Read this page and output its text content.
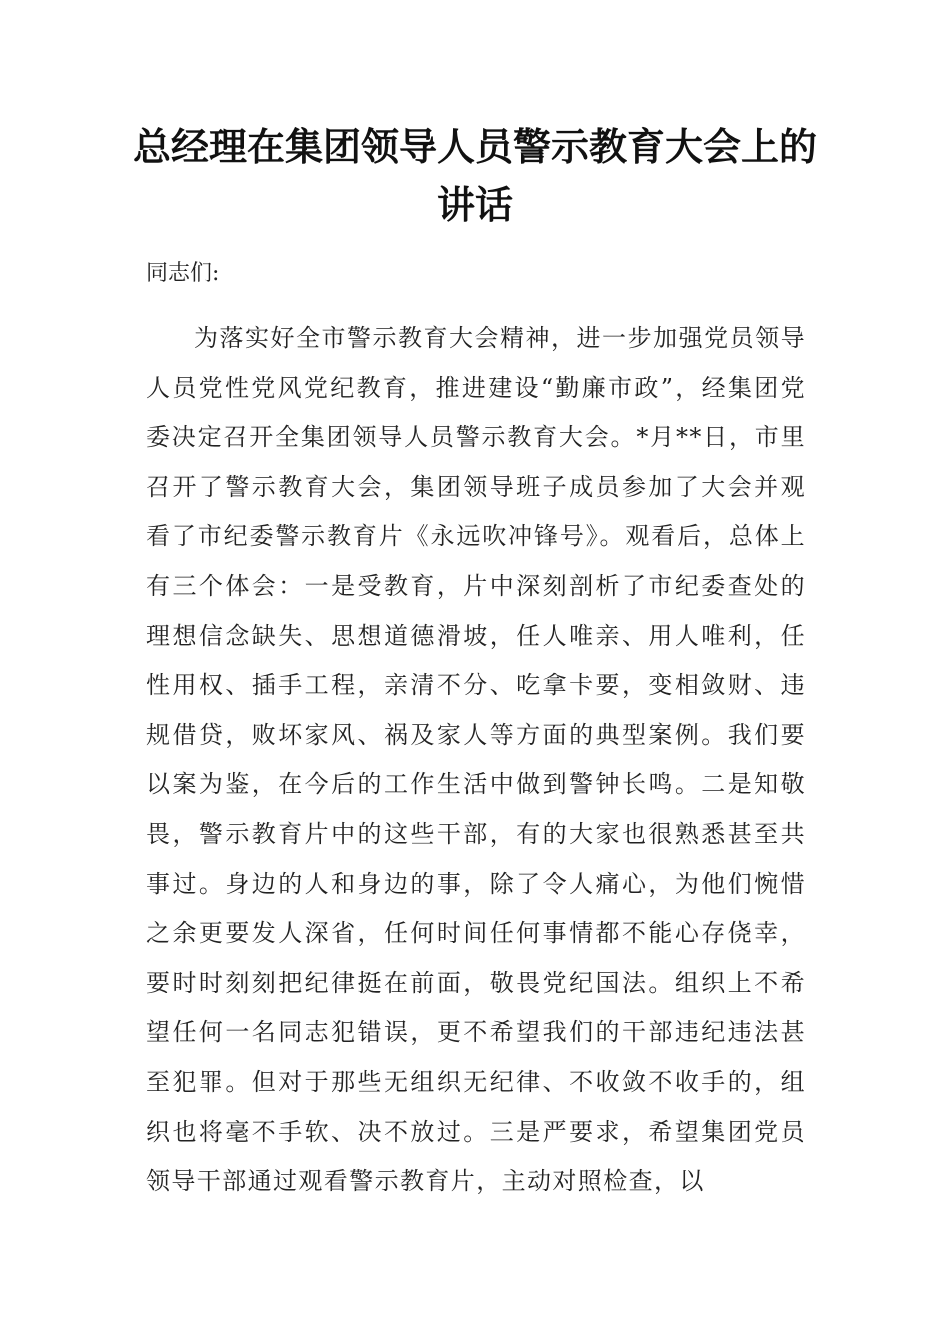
总经理在集团领导人员警示教育大会上的讲话
同志们:

为落实好全市警示教育大会精神，进一步加强党员领导人员党性党风党纪教育，推进建设“勤廉市政”，经集团党委决定召开全集团领导人员警示教育大会。*月**日，市里召开了警示教育大会，集团领导班子成员参加了大会并观看了市纪委警示教育片《永远吹冲锋号》。观看后，总体上有三个体会：一是受教育，片中深刻剖析了市纪委查处的理想信念缺失、思想道德滑坡，任人唯亲、用人唯利，任性用权、插手工程，亲清不分、吃拿卡要，变相敛财、违规借贷，败坏家风、祸及家人等方面的典型案例。我们要以案为鉴，在今后的工作生活中做到警钟长鸣。二是知敬畏，警示教育片中的这些干部，有的大家也很熟悉甚至共事过。身边的人和身边的事，除了令人痛心，为他们惋惜之余更要发人深省，任何时间任何事情都不能心存侥幸，要时时刻刻把纪律挺在前面，敬畏党纪国法。组织上不希望任何一名同志犯错误，更不希望我们的干部违纪违法甚至犯罪。但对于那些无组织无纪律、不收敛不收手的，组织也将毫不手软、决不放过。三是严要求，希望集团党员领导干部通过观看警示教育片，主动对照检查，以
